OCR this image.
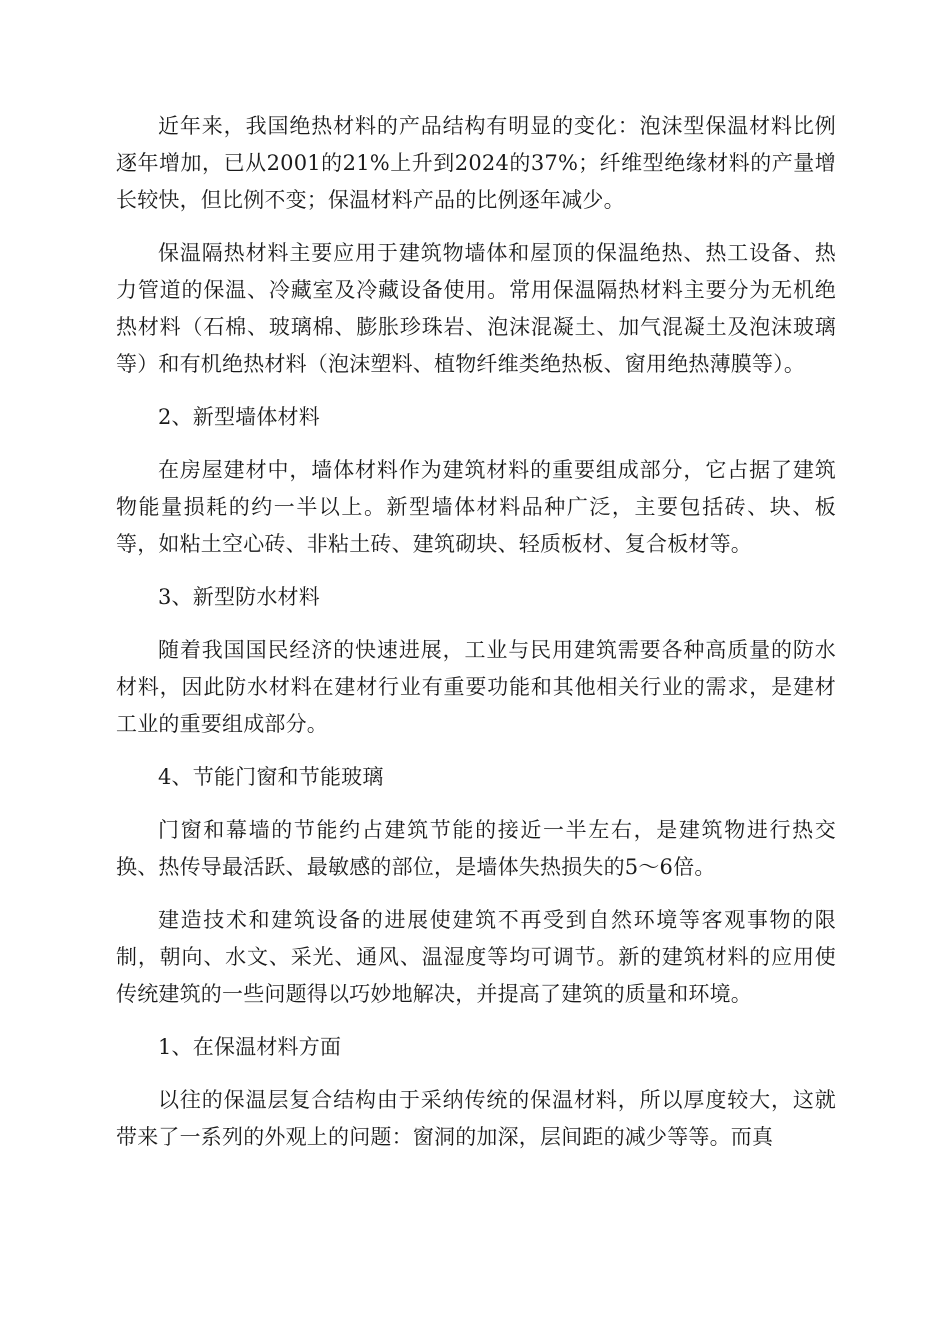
近年来，我国绝热材料的产品结构有明显的变化：泡沫型保温材料比例逐年增加，已从2001的21%上升到2024的37%；纤维型绝缘材料的产量增长较快，但比例不变；保温材料产品的比例逐年减少。

保温隔热材料主要应用于建筑物墙体和屋顶的保温绝热、热工设备、热力管道的保温、冷藏室及冷藏设备使用。常用保温隔热材料主要分为无机绝热材料（石棉、玻璃棉、膨胀珍珠岩、泡沫混凝土、加气混凝土及泡沫玻璃等）和有机绝热材料（泡沫塑料、植物纤维类绝热板、窗用绝热薄膜等）。

2、新型墙体材料

在房屋建材中，墙体材料作为建筑材料的重要组成部分，它占据了建筑物能量损耗的约一半以上。新型墙体材料品种广泛，主要包括砖、块、板等，如粘土空心砖、非粘土砖、建筑砌块、轻质板材、复合板材等。

3、新型防水材料

随着我国国民经济的快速进展，工业与民用建筑需要各种高质量的防水材料，因此防水材料在建材行业有重要功能和其他相关行业的需求，是建材工业的重要组成部分。

4、节能门窗和节能玻璃

门窗和幕墙的节能约占建筑节能的接近一半左右，是建筑物进行热交换、热传导最活跃、最敏感的部位，是墙体失热损失的5～6倍。

建造技术和建筑设备的进展使建筑不再受到自然环境等客观事物的限制，朝向、水文、采光、通风、温湿度等均可调节。新的建筑材料的应用使传统建筑的一些问题得以巧妙地解决，并提高了建筑的质量和环境。

1、在保温材料方面

以往的保温层复合结构由于采纳传统的保温材料，所以厚度较大，这就带来了一系列的外观上的问题：窗洞的加深，层间距的减少等等。而真
